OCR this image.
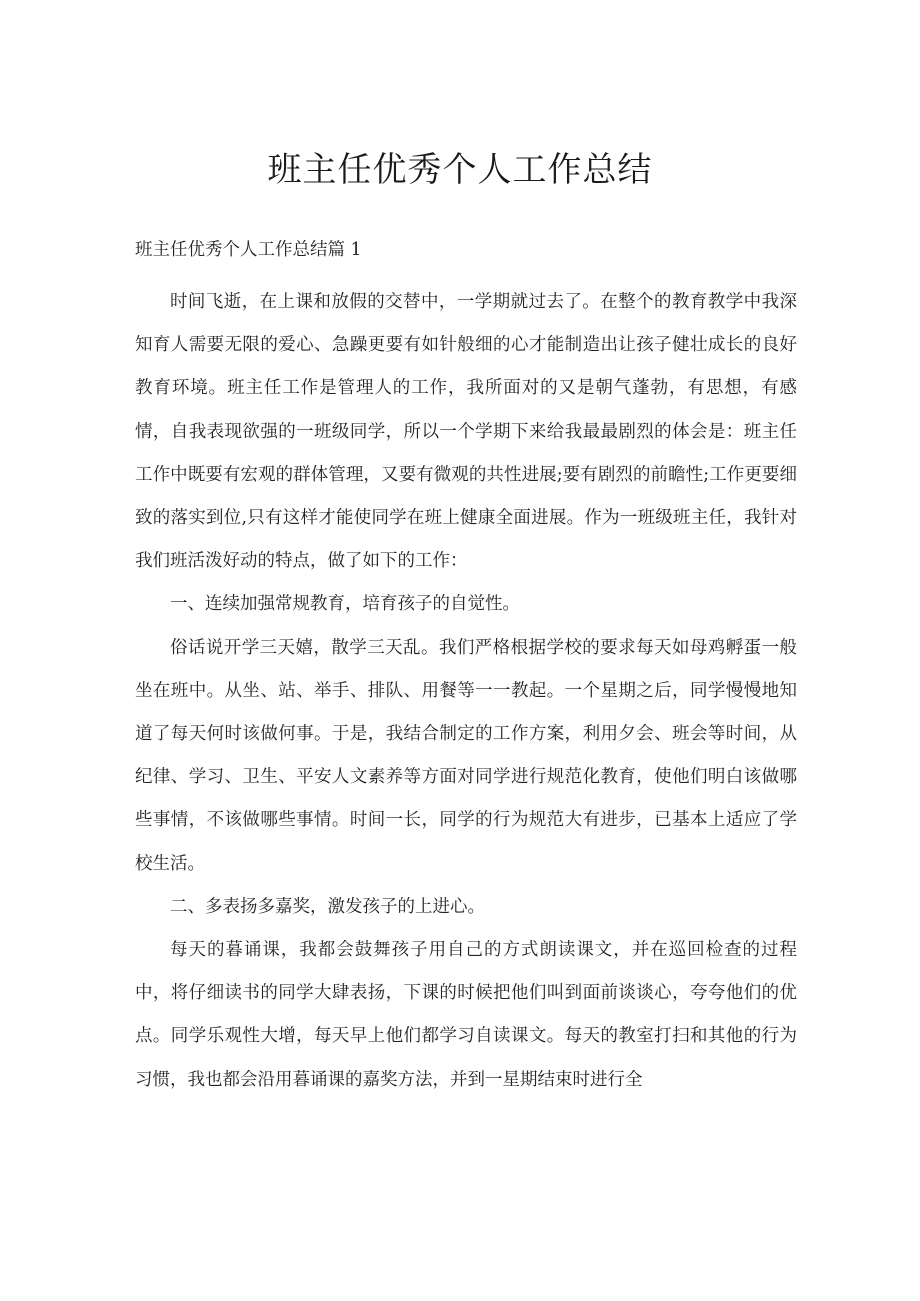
班主任优秀个人工作总结
班主任优秀个人工作总结篇 1

时间飞逝，在上课和放假的交替中，一学期就过去了。在整个的教育教学中我深知育人需要无限的爱心、急躁更要有如针般细的心才能制造出让孩子健壮成长的良好教育环境。班主任工作是管理人的工作，我所面对的又是朝气蓬勃，有思想，有感情，自我表现欲强的一班级同学，所以一个学期下来给我最最剧烈的体会是：班主任工作中既要有宏观的群体管理，又要有微观的共性进展;要有剧烈的前瞻性;工作更要细致的落实到位,只有这样才能使同学在班上健康全面进展。作为一班级班主任，我针对我们班活泼好动的特点，做了如下的工作：

一、连续加强常规教育，培育孩子的自觉性。

俗话说开学三天嬉，散学三天乱。我们严格根据学校的要求每天如母鸡孵蛋一般坐在班中。从坐、站、举手、排队、用餐等一一教起。一个星期之后，同学慢慢地知道了每天何时该做何事。于是，我结合制定的工作方案，利用夕会、班会等时间，从纪律、学习、卫生、平安人文素养等方面对同学进行规范化教育，使他们明白该做哪些事情，不该做哪些事情。时间一长，同学的行为规范大有进步，已基本上适应了学校生活。

二、多表扬多嘉奖，激发孩子的上进心。

每天的暮诵课，我都会鼓舞孩子用自己的方式朗读课文，并在巡回检查的过程中，将仔细读书的同学大肆表扬，下课的时候把他们叫到面前谈谈心，夸夸他们的优点。同学乐观性大增，每天早上他们都学习自读课文。每天的教室打扫和其他的行为习惯，我也都会沿用暮诵课的嘉奖方法，并到一星期结束时进行全
